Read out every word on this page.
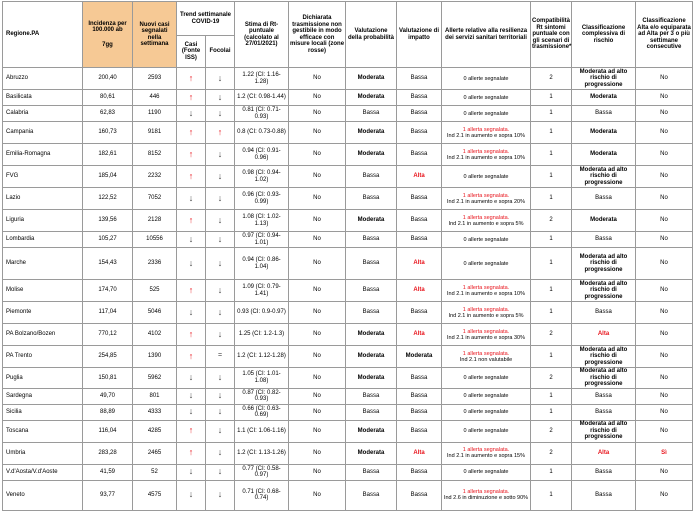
Regione.PA	Incidenza per 100.000 ab
7gg	Nuovi casi segnalati nella settimana	Trend settimanale COVID-19		Stima di Rt-puntuale (calcolato al 27/01/2021)	Dichiarata trasmissione non gestibile in modo efficace con misure locali (zone rosse)	Valutazione della probabilità	Valutazione di impatto	Allerte relative alla resilienza dei servizi sanitari territoriali	Compatibilità Rt sintomi puntuale con gli scenari di trasmissione*	Classificazione complessiva di rischio	Classificazione Alta e/o equiparata ad Alta per 3 o più settimane consecutive
			Casi (Fonte ISS)	Focolai								
Abruzzo	200,40	2593	↑	↓	1.22 (CI: 1.16-1.28)	No	Moderata	Bassa	0 allerte segnalate	2	Moderata ad alto rischio di progressione	No
Basilicata	80,61	446	↑	↓	1.2 (CI: 0.98-1.44)	No	Moderata	Bassa	0 allerte segnalate	1	Moderata	No
Calabria	62,83	1190	↓	↓	0.81 (CI: 0.71-0.93)	No	Bassa	Bassa	0 allerte segnalate	1	Bassa	No
Campania	160,73	9181	↑	↑	0.8 (CI: 0.73-0.88)	No	Moderata	Bassa	1 allerta segnalata.
Ind 2.1 in aumento e sopra 10%	1	Moderata	No
Emilia-Romagna	182,61	8152	↑	↓	0.94 (CI: 0.91-0.96)	No	Moderata	Bassa	1 allerta segnalata.
Ind 2.1 in aumento e sopra 10%	1	Moderata	No
FVG	185,04	2232	↑	↓	0.98 (CI: 0.94-1.02)	No	Bassa	Alta	0 allerte segnalate	1	Moderata ad alto rischio di progressione	No
Lazio	122,52	7052	↓	↓	0.96 (CI: 0.93-0.99)	No	Bassa	Bassa	1 allerta segnalata.
Ind 2.1 in aumento e sopra 20%	1	Bassa	No
Liguria	139,56	2128	↑	↓	1.08 (CI: 1.02-1.13)	No	Moderata	Bassa	1 allerta segnalata.
Ind 2.1 in aumento e sopra 5%	2	Moderata	No
Lombardia	105,27	10556	↓	↓	0.97 (CI: 0.94-1.01)	No	Bassa	Bassa	0 allerte segnalate	1	Bassa	No
Marche	154,43	2336	↓	↓	0.94 (CI: 0.86-1.04)	No	Bassa	Alta	0 allerte segnalate	1	Moderata ad alto rischio di progressione	No
Molise	174,70	525	↑	↓	1.09 (CI: 0.79-1.41)	No	Bassa	Alta	1 allerta segnalata.
Ind 2.1 in aumento e sopra 10%	1	Moderata ad alto rischio di progressione	No
Piemonte	117,04	5046	↓	↓	0.93 (CI: 0.9-0.97)	No	Bassa	Bassa	1 allerta segnalata.
Ind 2.1 in aumento e sopra 5%	1	Bassa	No
PA Bolzano/Bozen	770,12	4102	↑	↓	1.25 (CI: 1.2-1.3)	No	Moderata	Alta	1 allerta segnalata.
Ind 2.1 in aumento e sopra 30%	2	Alta	No
PA Trento	254,85	1390	↑	=	1.2 (CI: 1.12-1.28)	No	Moderata	Moderata	1 allerta segnalata.
Ind 2.1 non valutabile	1	Moderata ad alto rischio di progressione	No
Puglia	150,81	5962	↓	↓	1.05 (CI: 1.01-1.08)	No	Moderata	Bassa	0 allerte segnalate	2	Moderata ad alto rischio di progressione	No
Sardegna	49,70	801	↓	↓	0.87 (CI: 0.82-0.93)	No	Bassa	Bassa	0 allerte segnalate	1	Bassa	No
Sicilia	88,89	4333	↓	↓	0.66 (CI: 0.63-0.69)	No	Bassa	Bassa	0 allerte segnalate	1	Bassa	No
Toscana	116,04	4285	↑	↓	1.1 (CI: 1.06-1.16)	No	Moderata	Bassa	0 allerte segnalate	2	Moderata ad alto rischio di progressione	No
Umbria	283,28	2465	↑	↓	1.2 (CI: 1.13-1.26)	No	Moderata	Alta	1 allerta segnalata.
Ind 2.1 in aumento e sopra 15%	2	Alta	Sì
V.d'Aosta/V.d'Aoste	41,59	52	↓	↓	0.77 (CI: 0.58-0.97)	No	Bassa	Bassa	0 allerte segnalate	1	Bassa	No
Veneto	93,77	4575	↓	↓	0.71 (CI: 0.68-0.74)	No	Bassa	Bassa	1 allerta segnalata.
Ind 2.6 in diminuzione e sotto 90%	1	Bassa	No
